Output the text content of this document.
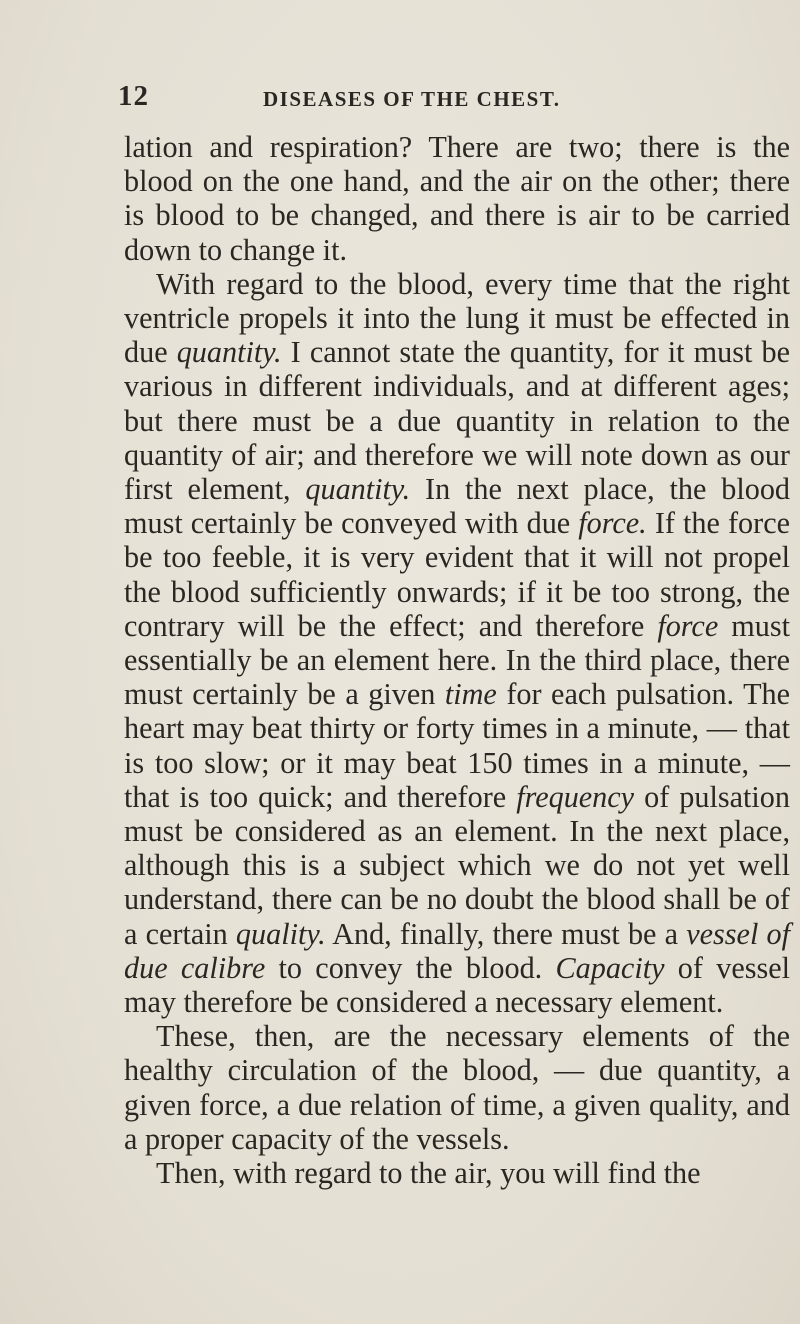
12	DISEASES OF THE CHEST.

lation and respiration? There are two; there is the blood on the one hand, and the air on the other; there is blood to be changed, and there is air to be carried down to change it.

With regard to the blood, every time that the right ventricle propels it into the lung it must be effected in due quantity. I cannot state the quantity, for it must be various in different individuals, and at different ages; but there must be a due quantity in relation to the quantity of air; and therefore we will note down as our first element, quantity. In the next place, the blood must certainly be conveyed with due force. If the force be too feeble, it is very evident that it will not propel the blood sufficiently onwards; if it be too strong, the contrary will be the effect; and therefore force must essentially be an element here. In the third place, there must certainly be a given time for each pulsation. The heart may beat thirty or forty times in a minute, — that is too slow; or it may beat 150 times in a minute, — that is too quick; and therefore frequency of pulsation must be considered as an element. In the next place, although this is a subject which we do not yet well understand, there can be no doubt the blood shall be of a certain quality. And, finally, there must be a vessel of due calibre to convey the blood. Capacity of vessel may therefore be considered a necessary element.

These, then, are the necessary elements of the healthy circulation of the blood, — due quantity, a given force, a due relation of time, a given quality, and a proper capacity of the vessels.

Then, with regard to the air, you will find the
